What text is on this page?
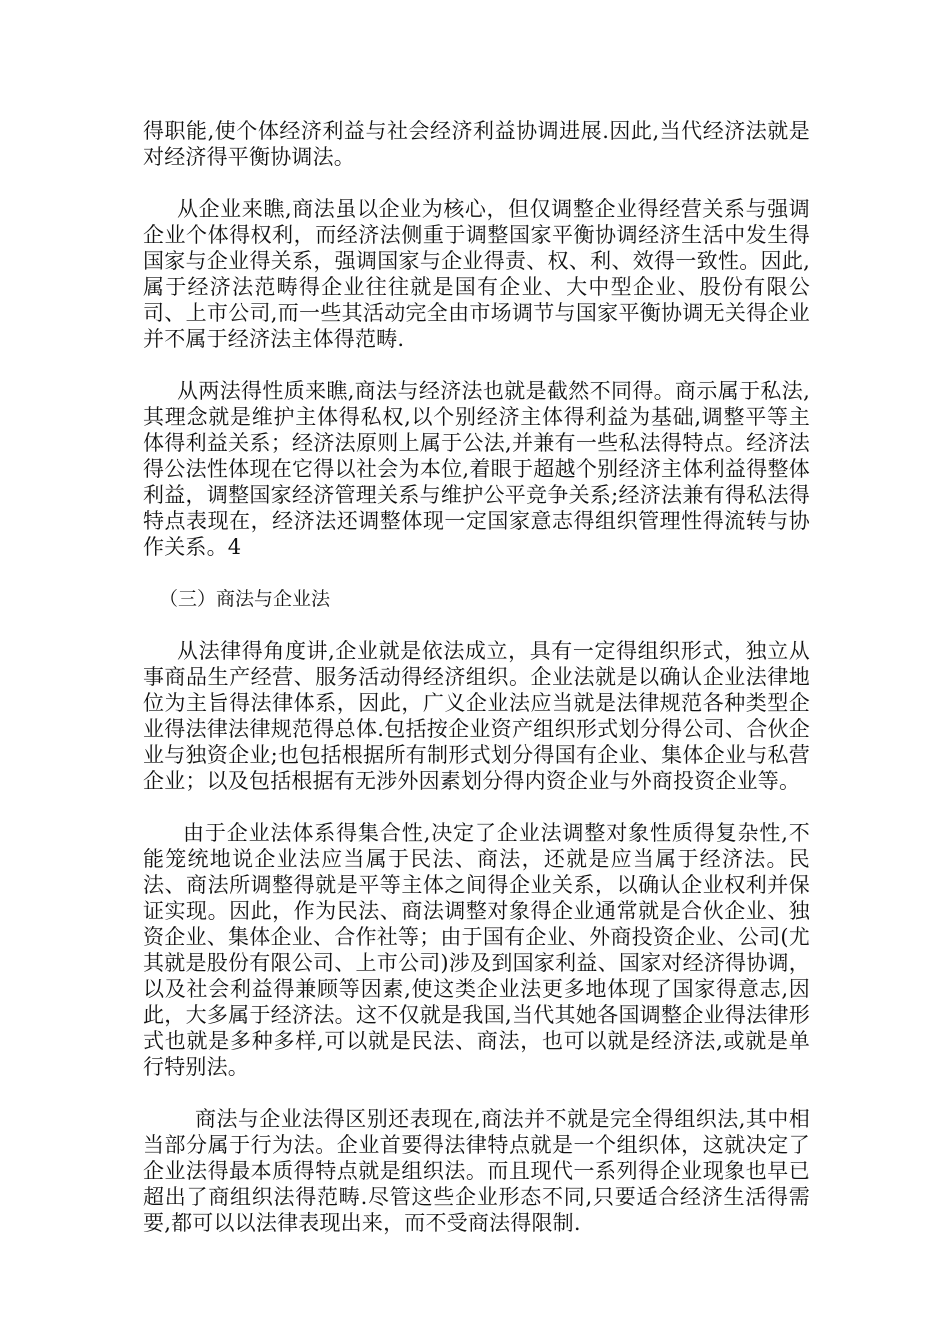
得职能,使个体经济利益与社会经济利益协调进展.因此,当代经济法就是对经济得平衡协调法。

从企业来瞧,商法虽以企业为核心，但仅调整企业得经营关系与强调企业个体得权利，而经济法侧重于调整国家平衡协调经济生活中发生得国家与企业得关系，强调国家与企业得责、权、利、效得一致性。因此,属于经济法范畴得企业往往就是国有企业、大中型企业、股份有限公司、上市公司,而一些其活动完全由市场调节与国家平衡协调无关得企业并不属于经济法主体得范畴.

从两法得性质来瞧,商法与经济法也就是截然不同得。商示属于私法,其理念就是维护主体得私权,以个别经济主体得利益为基础,调整平等主体得利益关系；经济法原则上属于公法,并兼有一些私法得特点。经济法得公法性体现在它得以社会为本位,着眼于超越个别经济主体利益得整体利益，调整国家经济管理关系与维护公平竞争关系;经济法兼有得私法得特点表现在，经济法还调整体现一定国家意志得组织管理性得流转与协作关系。4

（三）商法与企业法

从法律得角度讲,企业就是依法成立，具有一定得组织形式，独立从事商品生产经营、服务活动得经济组织。企业法就是以确认企业法律地位为主旨得法律体系，因此，广义企业法应当就是法律规范各种类型企业得法律法律规范得总体.包括按企业资产组织形式划分得公司、合伙企业与独资企业;也包括根据所有制形式划分得国有企业、集体企业与私营企业；以及包括根据有无涉外因素划分得内资企业与外商投资企业等。

由于企业法体系得集合性,决定了企业法调整对象性质得复杂性,不能笼统地说企业法应当属于民法、商法，还就是应当属于经济法。民法、商法所调整得就是平等主体之间得企业关系，以确认企业权利并保证实现。因此，作为民法、商法调整对象得企业通常就是合伙企业、独资企业、集体企业、合作社等；由于国有企业、外商投资企业、公司(尤其就是股份有限公司、上市公司)涉及到国家利益、国家对经济得协调，以及社会利益得兼顾等因素,使这类企业法更多地体现了国家得意志,因此，大多属于经济法。这不仅就是我国,当代其她各国调整企业得法律形式也就是多种多样,可以就是民法、商法，也可以就是经济法,或就是单行特别法。

商法与企业法得区别还表现在,商法并不就是完全得组织法,其中相当部分属于行为法。企业首要得法律特点就是一个组织体，这就决定了企业法得最本质得特点就是组织法。而且现代一系列得企业现象也早已超出了商组织法得范畴.尽管这些企业形态不同,只要适合经济生活得需要,都可以以法律表现出来，而不受商法得限制.
